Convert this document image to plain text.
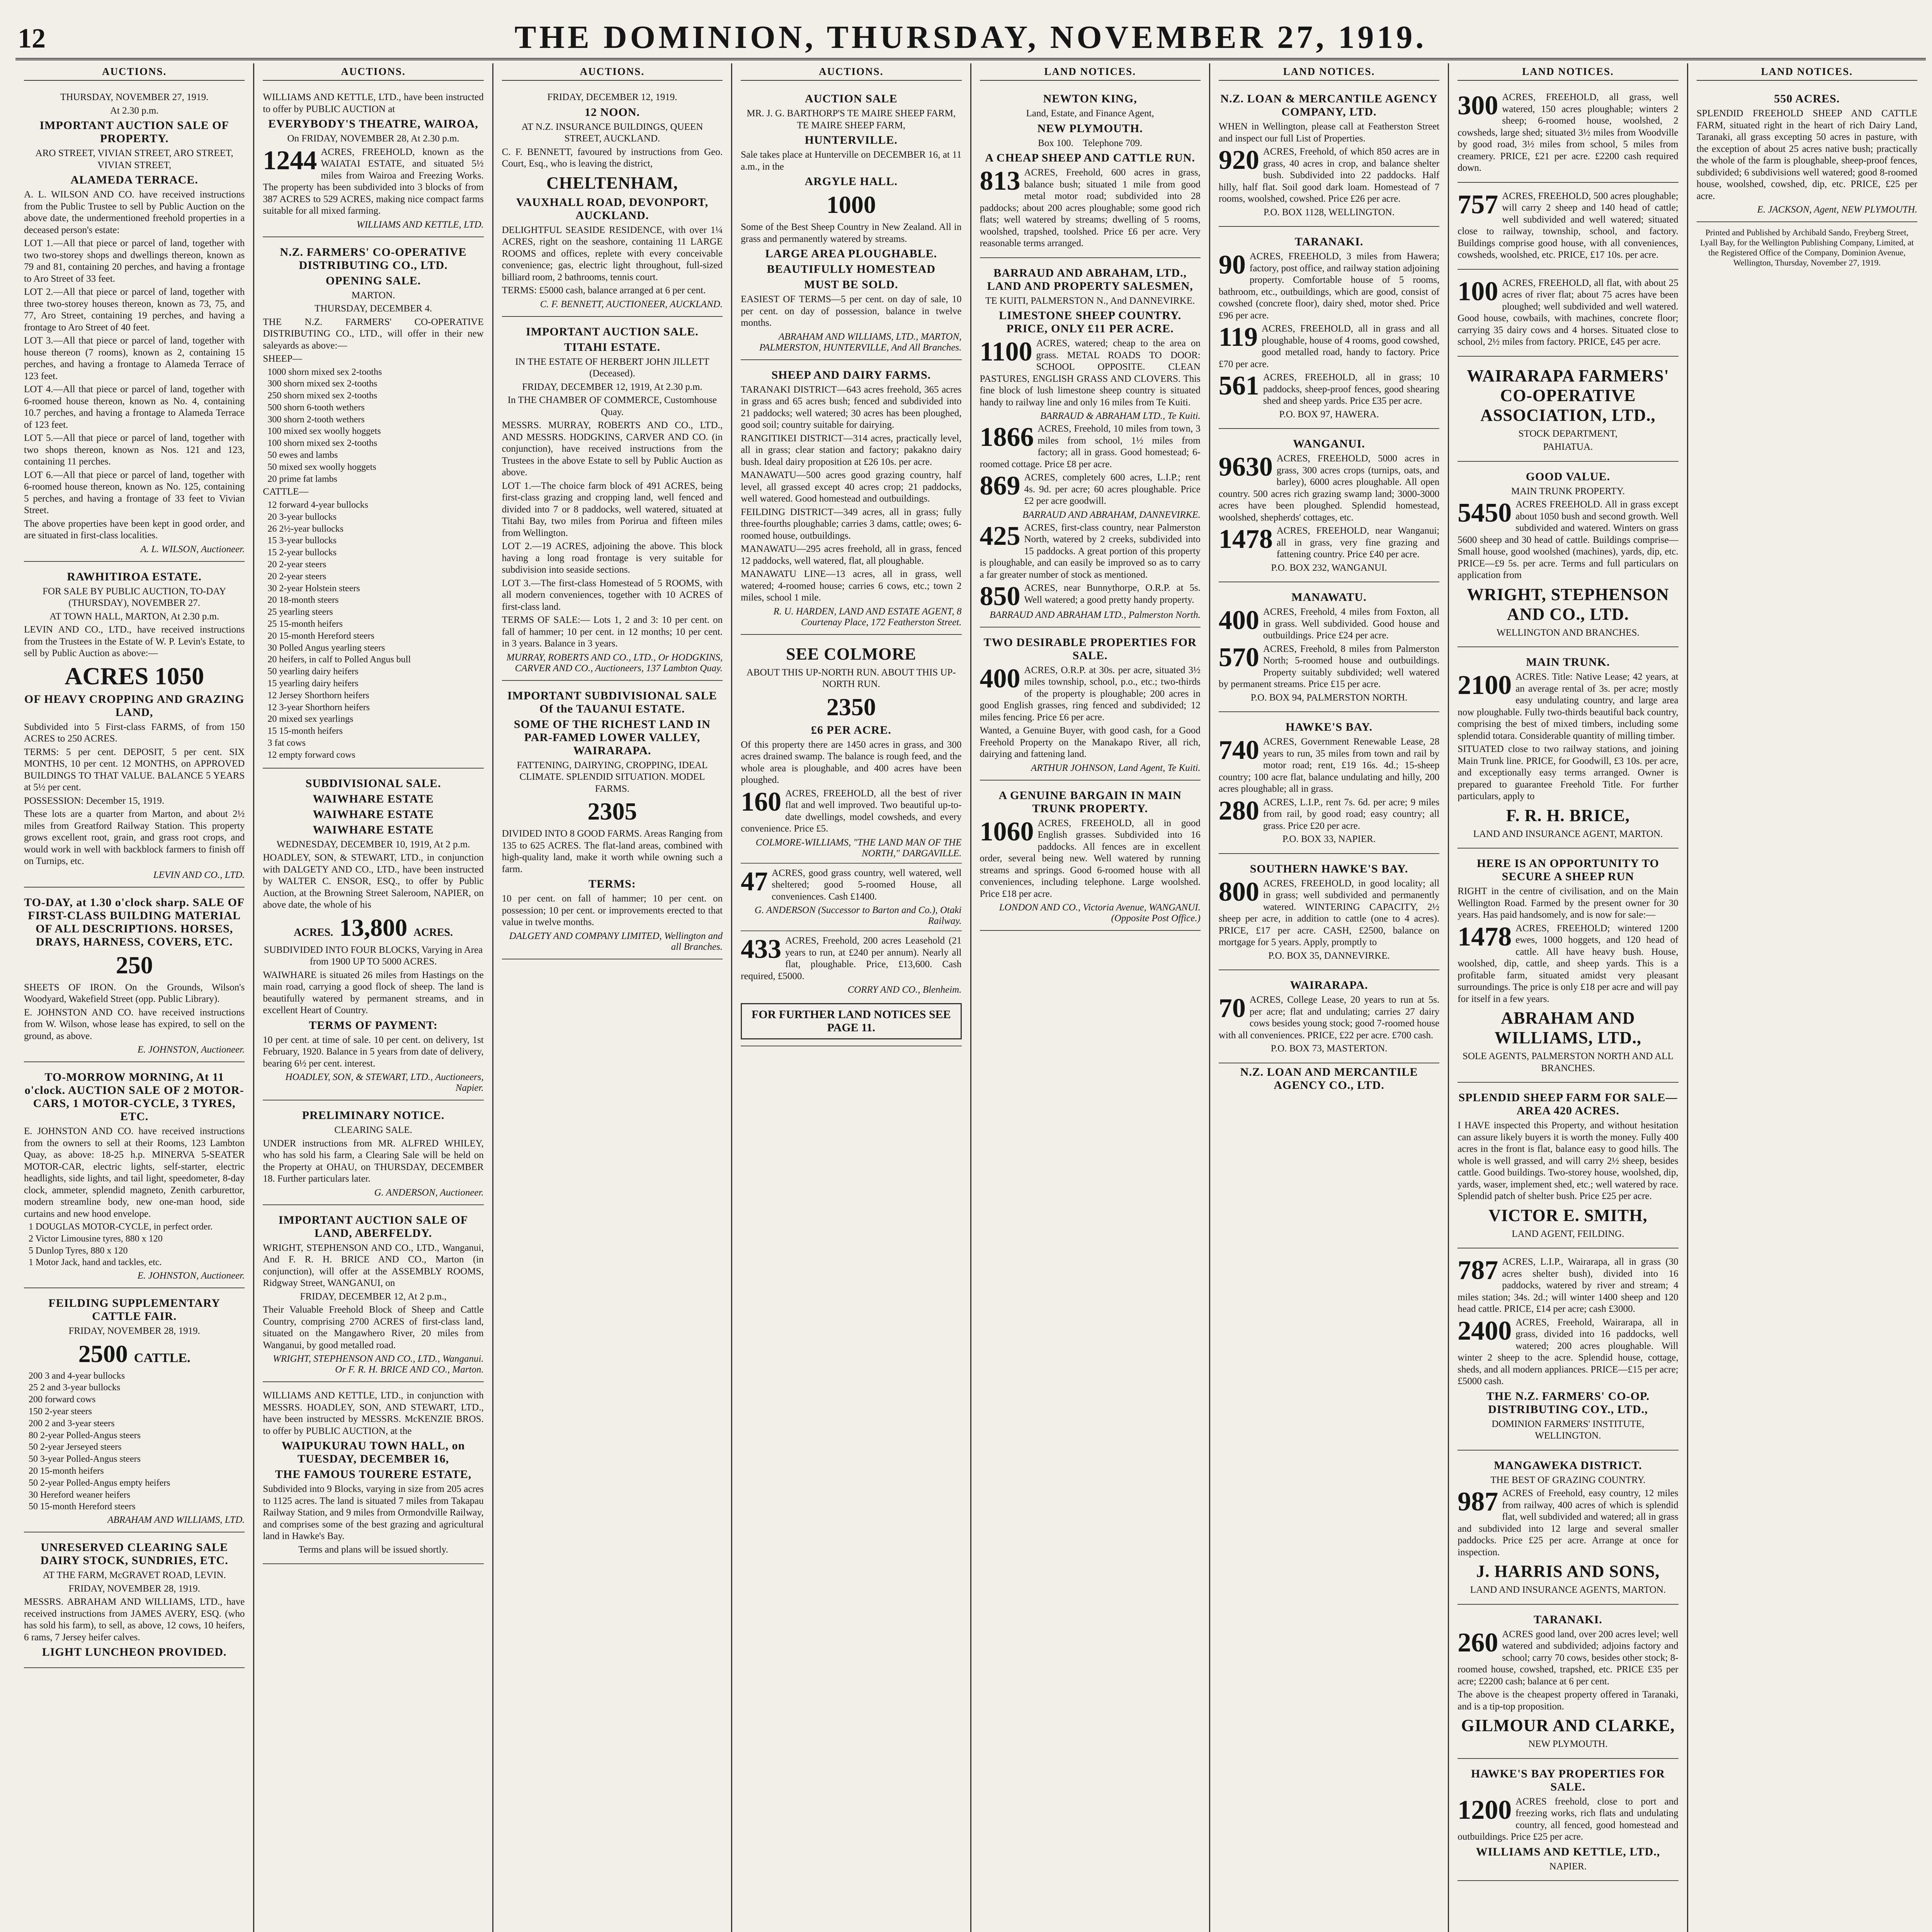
12	THE DOMINION, THURSDAY, NOVEMBER 27, 1919.
AUCTIONS.

THURSDAY, NOVEMBER 27, 1919.

At 2.30 p.m.

IMPORTANT AUCTION SALE OF PROPERTY.

ARO STREET, VIVIAN STREET, ARO STREET, VIVIAN STREET,

ALAMEDA TERRACE.

A. L. WILSON AND CO. have received instructions from the Public Trustee to sell by Public Auction on the above date, the undermentioned freehold properties in a deceased person's estate:

LOT 1.—All that piece or parcel of land, together with two two-storey shops and dwellings thereon, known as 79 and 81, containing 20 perches, and having a frontage to Aro Street of 33 feet.

LOT 2.—All that piece or parcel of land, together with three two-storey houses thereon, known as 73, 75, and 77, Aro Street, containing 19 perches, and having a frontage to Aro Street of 40 feet.

LOT 3.—All that piece or parcel of land, together with house thereon (7 rooms), known as 2, containing 15 perches, and having a frontage to Alameda Terrace of 123 feet.

LOT 4.—All that piece or parcel of land, together with 6-roomed house thereon, known as No. 4, containing 10.7 perches, and having a frontage to Alameda Terrace of 123 feet.

LOT 5.—All that piece or parcel of land, together with two shops thereon, known as Nos. 121 and 123, containing 11 perches.

LOT 6.—All that piece or parcel of land, together with 6-roomed house thereon, known as No. 125, containing 5 perches, and having a frontage of 33 feet to Vivian Street.

The above properties have been kept in good order, and are situated in first-class localities.

A. L. WILSON, Auctioneer.
RAWHITIROA ESTATE.

FOR SALE BY PUBLIC AUCTION, TO-DAY (THURSDAY), NOVEMBER 27.

AT TOWN HALL, MARTON, At 2.30 p.m.

LEVIN AND CO., LTD., have received instructions from the Trustees in the Estate of W. P. Levin's Estate, to sell by Public Auction as above:—

ACRES 1050
OF HEAVY CROPPING AND GRAZING LAND,

Subdivided into 5 First-class FARMS, of from 150 ACRES to 250 ACRES.

TERMS: 5 per cent. DEPOSIT, 5 per cent. SIX MONTHS, 10 per cent. 12 MONTHS, on APPROVED BUILDINGS TO THAT VALUE. BALANCE 5 YEARS at 5½ per cent.

POSSESSION: December 15, 1919.

These lots are a quarter from Marton, and about 2½ miles from Greatford Railway Station. This property grows excellent root, grain, and grass root crops, and would work in well with backblock farmers to finish off on Turnips, etc.

LEVIN AND CO., LTD.
TO-DAY, at 1.30 o'clock sharp. SALE OF FIRST-CLASS BUILDING MATERIAL OF ALL DESCRIPTIONS. HORSES, DRAYS, HARNESS, COVERS, ETC.
250

SHEETS OF IRON. On the Grounds, Wilson's Woodyard, Wakefield Street (opp. Public Library).

E. JOHNSTON AND CO. have received instructions from W. Wilson, whose lease has expired, to sell on the ground, as above.

E. JOHNSTON, Auctioneer.
TO-MORROW MORNING, At 11 o'clock. AUCTION SALE OF 2 MOTOR-CARS, 1 MOTOR-CYCLE, 3 TYRES, ETC.

E. JOHNSTON AND CO. have received instructions from the owners to sell at their Rooms, 123 Lambton Quay, as above: 18-25 h.p. MINERVA 5-SEATER MOTOR-CAR, electric lights, self-starter, electric headlights, side lights, and tail light, speedometer, 8-day clock, ammeter, splendid magneto, Zenith carburettor, modern streamline body, new one-man hood, side curtains and new hood envelope.

1 DOUGLAS MOTOR-CYCLE, in perfect order.
2 Victor Limousine tyres, 880 x 120
5 Dunlop Tyres, 880 x 120
1 Motor Jack, hand and tackles, etc.
E. JOHNSTON, Auctioneer.
FEILDING SUPPLEMENTARY CATTLE FAIR.

FRIDAY, NOVEMBER 28, 1919.

2500 CATTLE.
200 3 and 4-year bullocks
25 2 and 3-year bullocks
200 forward cows
150 2-year steers
200 2 and 3-year steers
80 2-year Polled-Angus steers
50 2-year Jerseyed steers
50 3-year Polled-Angus steers
20 15-month heifers
50 2-year Polled-Angus empty heifers
30 Hereford weaner heifers
50 15-month Hereford steers
ABRAHAM AND WILLIAMS, LTD.
UNRESERVED CLEARING SALE DAIRY STOCK, SUNDRIES, ETC.

AT THE FARM, McGRAVET ROAD, LEVIN.

FRIDAY, NOVEMBER 28, 1919.

MESSRS. ABRAHAM AND WILLIAMS, LTD., have received instructions from JAMES AVERY, ESQ. (who has sold his farm), to sell, as above, 12 cows, 10 heifers, 6 rams, 7 Jersey heifer calves.

LIGHT LUNCHEON PROVIDED.
AUCTIONS.

WILLIAMS AND KETTLE, LTD., have been instructed to offer by PUBLIC AUCTION at

EVERYBODY'S THEATRE, WAIROA,

On FRIDAY, NOVEMBER 28, At 2.30 p.m.

1244 ACRES, FREEHOLD, known as the WAIATAI ESTATE, and situated 5½ miles from Wairoa and Freezing Works. The property has been subdivided into 3 blocks of from 387 ACRES to 529 ACRES, making nice compact farms suitable for all mixed farming.

WILLIAMS AND KETTLE, LTD.
N.Z. FARMERS' CO-OPERATIVE DISTRIBUTING CO., LTD.
OPENING SALE.

MARTON.

THURSDAY, DECEMBER 4.

THE N.Z. FARMERS' CO-OPERATIVE DISTRIBUTING CO., LTD., will offer in their new saleyards as above:—

SHEEP—

1000 shorn mixed sex 2-tooths
300 shorn mixed sex 2-tooths
250 shorn mixed sex 2-tooths
500 shorn 6-tooth wethers
300 shorn 2-tooth wethers
100 mixed sex woolly hoggets
100 shorn mixed sex 2-tooths
50 ewes and lambs
50 mixed sex woolly hoggets
20 prime fat lambs

CATTLE—

12 forward 4-year bullocks
20 3-year bullocks
26 2½-year bullocks
15 3-year bullocks
15 2-year bullocks
20 2-year steers
20 2-year steers
30 2-year Holstein steers
20 18-month steers
25 yearling steers
25 15-month heifers
20 15-month Hereford steers
30 Polled Angus yearling steers
20 heifers, in calf to Polled Angus bull
50 yearling dairy heifers
15 yearling dairy heifers
12 Jersey Shorthorn heifers
12 3-year Shorthorn heifers
20 mixed sex yearlings
15 15-month heifers
3 fat cows
12 empty forward cows
SUBDIVISIONAL SALE.
WAIWHARE ESTATE
WAIWHARE ESTATE
WAIWHARE ESTATE

WEDNESDAY, DECEMBER 10, 1919, At 2 p.m.

HOADLEY, SON, & STEWART, LTD., in conjunction with DALGETY AND CO., LTD., have been instructed by WALTER C. ENSOR, ESQ., to offer by Public Auction, at the Browning Street Saleroom, NAPIER, on above date, the whole of his

ACRES. 13,800 ACRES.

SUBDIVIDED INTO FOUR BLOCKS, Varying in Area from 1900 UP TO 5000 ACRES.

WAIWHARE is situated 26 miles from Hastings on the main road, carrying a good flock of sheep. The land is beautifully watered by permanent streams, and in excellent Heart of Country.

TERMS OF PAYMENT:

10 per cent. at time of sale. 10 per cent. on delivery, 1st February, 1920. Balance in 5 years from date of delivery, bearing 6½ per cent. interest.

HOADLEY, SON, & STEWART, LTD., Auctioneers, Napier.
PRELIMINARY NOTICE.

CLEARING SALE.

UNDER instructions from MR. ALFRED WHILEY, who has sold his farm, a Clearing Sale will be held on the Property at OHAU, on THURSDAY, DECEMBER 18. Further particulars later.

G. ANDERSON, Auctioneer.
IMPORTANT AUCTION SALE OF LAND, ABERFELDY.

WRIGHT, STEPHENSON AND CO., LTD., Wanganui, And F. R. H. BRICE AND CO., Marton (in conjunction), will offer at the ASSEMBLY ROOMS, Ridgway Street, WANGANUI, on

FRIDAY, DECEMBER 12, At 2 p.m.,

Their Valuable Freehold Block of Sheep and Cattle Country, comprising 2700 ACRES of first-class land, situated on the Mangawhero River, 20 miles from Wanganui, by good metalled road.

WRIGHT, STEPHENSON AND CO., LTD., Wanganui. Or F. R. H. BRICE AND CO., Marton.

WILLIAMS AND KETTLE, LTD., in conjunction with MESSRS. HOADLEY, SON, AND STEWART, LTD., have been instructed by MESSRS. McKENZIE BROS. to offer by PUBLIC AUCTION, at the

WAIPUKURAU TOWN HALL, on TUESDAY, DECEMBER 16,
THE FAMOUS TOURERE ESTATE,

Subdivided into 9 Blocks, varying in size from 205 acres to 1125 acres. The land is situated 7 miles from Takapau Railway Station, and 9 miles from Ormondville Railway, and comprises some of the best grazing and agricultural land in Hawke's Bay.

Terms and plans will be issued shortly.

AUCTIONS.

FRIDAY, DECEMBER 12, 1919.

12 NOON.

AT N.Z. INSURANCE BUILDINGS, QUEEN STREET, AUCKLAND.

C. F. BENNETT, favoured by instructions from Geo. Court, Esq., who is leaving the district,

CHELTENHAM,
VAUXHALL ROAD, DEVONPORT, AUCKLAND.

DELIGHTFUL SEASIDE RESIDENCE, with over 1¼ ACRES, right on the seashore, containing 11 LARGE ROOMS and offices, replete with every conceivable convenience; gas, electric light throughout, full-sized billiard room, 2 bathrooms, tennis court.

TERMS: £5000 cash, balance arranged at 6 per cent.

C. F. BENNETT, AUCTIONEER, AUCKLAND.
IMPORTANT AUCTION SALE.
TITAHI ESTATE.

IN THE ESTATE OF HERBERT JOHN JILLETT (Deceased).

FRIDAY, DECEMBER 12, 1919, At 2.30 p.m.

In THE CHAMBER OF COMMERCE, Customhouse Quay.

MESSRS. MURRAY, ROBERTS AND CO., LTD., AND MESSRS. HODGKINS, CARVER AND CO. (in conjunction), have received instructions from the Trustees in the above Estate to sell by Public Auction as above.

LOT 1.—The choice farm block of 491 ACRES, being first-class grazing and cropping land, well fenced and divided into 7 or 8 paddocks, well watered, situated at Titahi Bay, two miles from Porirua and fifteen miles from Wellington.

LOT 2.—19 ACRES, adjoining the above. This block having a long road frontage is very suitable for subdivision into seaside sections.

LOT 3.—The first-class Homestead of 5 ROOMS, with all modern conveniences, together with 10 ACRES of first-class land.

TERMS OF SALE:— Lots 1, 2 and 3: 10 per cent. on fall of hammer; 10 per cent. in 12 months; 10 per cent. in 3 years. Balance in 3 years.

MURRAY, ROBERTS AND CO., LTD., Or HODGKINS, CARVER AND CO., Auctioneers, 137 Lambton Quay.
IMPORTANT SUBDIVISIONAL SALE Of the TAUANUI ESTATE.
SOME OF THE RICHEST LAND IN PAR-FAMED LOWER VALLEY, WAIRARAPA.

FATTENING, DAIRYING, CROPPING, IDEAL CLIMATE. SPLENDID SITUATION. MODEL FARMS.

2305

DIVIDED INTO 8 GOOD FARMS. Areas Ranging from 135 to 625 ACRES. The flat-land areas, combined with high-quality land, make it worth while owning such a farm.

TERMS:

10 per cent. on fall of hammer; 10 per cent. on possession; 10 per cent. or improvements erected to that value in twelve months.

DALGETY AND COMPANY LIMITED, Wellington and all Branches.
AUCTIONS.
AUCTION SALE

MR. J. G. BARTHORP'S TE MAIRE SHEEP FARM, TE MAIRE SHEEP FARM,

HUNTERVILLE.

Sale takes place at Hunterville on DECEMBER 16, at 11 a.m., in the

ARGYLE HALL.
1000

Some of the Best Sheep Country in New Zealand. All in grass and permanently watered by streams.

LARGE AREA PLOUGHABLE.
BEAUTIFULLY HOMESTEAD
MUST BE SOLD.

EASIEST OF TERMS—5 per cent. on day of sale, 10 per cent. on day of possession, balance in twelve months.

ABRAHAM AND WILLIAMS, LTD., MARTON, PALMERSTON, HUNTERVILLE, And All Branches.
SHEEP AND DAIRY FARMS.

TARANAKI DISTRICT—643 acres freehold, 365 acres in grass and 65 acres bush; fenced and subdivided into 21 paddocks; well watered; 30 acres has been ploughed, good soil; country suitable for dairying.

RANGITIKEI DISTRICT—314 acres, practically level, all in grass; clear station and factory; pakakno dairy bush. Ideal dairy proposition at £26 10s. per acre.

MANAWATU—500 acres good grazing country, half level, all grassed except 40 acres crop; 21 paddocks, well watered. Good homestead and outbuildings.

FEILDING DISTRICT—349 acres, all in grass; fully three-fourths ploughable; carries 3 dams, cattle; owes; 6-roomed house, outbuildings.

MANAWATU—295 acres freehold, all in grass, fenced 12 paddocks, well watered, flat, all ploughable.

MANAWATU LINE—13 acres, all in grass, well watered; 4-roomed house; carries 6 cows, etc.; town 2 miles, school 1 mile.

R. U. HARDEN, LAND AND ESTATE AGENT, 8 Courtenay Place, 172 Featherston Street.
SEE COLMORE

ABOUT THIS UP-NORTH RUN. ABOUT THIS UP-NORTH RUN.

2350
£6 PER ACRE.

Of this property there are 1450 acres in grass, and 300 acres drained swamp. The balance is rough feed, and the whole area is ploughable, and 400 acres have been ploughed.

160 ACRES, FREEHOLD, all the best of river flat and well improved. Two beautiful up-to-date dwellings, model cowsheds, and every convenience. Price £5.

COLMORE-WILLIAMS, "THE LAND MAN OF THE NORTH," DARGAVILLE.

47 ACRES, good grass country, well watered, well sheltered; good 5-roomed House, all conveniences. Cash £1400.

G. ANDERSON (Successor to Barton and Co.), Otaki Railway.

433 ACRES, Freehold, 200 acres Leasehold (21 years to run, at £240 per annum). Nearly all flat, ploughable. Price, £13,600. Cash required, £5000.

CORRY AND CO., Blenheim.
FOR FURTHER LAND NOTICES SEE PAGE 11.
LAND NOTICES.
NEWTON KING,

Land, Estate, and Finance Agent,

NEW PLYMOUTH.

Box 100. Telephone 709.

A CHEAP SHEEP AND CATTLE RUN.

813 ACRES, Freehold, 600 acres in grass, balance bush; situated 1 mile from good metal motor road; subdivided into 28 paddocks; about 200 acres ploughable; some good rich flats; well watered by streams; dwelling of 5 rooms, woolshed, trapshed, toolshed. Price £6 per acre. Very reasonable terms arranged.

BARRAUD AND ABRAHAM, LTD., LAND AND PROPERTY SALESMEN,

TE KUITI, PALMERSTON N., And DANNEVIRKE.

LIMESTONE SHEEP COUNTRY. PRICE, ONLY £11 PER ACRE.

1100 ACRES, watered; cheap to the area on grass. METAL ROADS TO DOOR: SCHOOL OPPOSITE. CLEAN PASTURES, ENGLISH GRASS AND CLOVERS. This fine block of lush limestone sheep country is situated handy to railway line and only 16 miles from Te Kuiti.

BARRAUD & ABRAHAM LTD., Te Kuiti.

1866 ACRES, Freehold, 10 miles from town, 3 miles from school, 1½ miles from factory; all in grass. Good homestead; 6-roomed cottage. Price £8 per acre.

869 ACRES, completely 600 acres, L.I.P.; rent 4s. 9d. per acre; 60 acres ploughable. Price £2 per acre goodwill.

BARRAUD AND ABRAHAM, DANNEVIRKE.

425 ACRES, first-class country, near Palmerston North, watered by 2 creeks, subdivided into 15 paddocks. A great portion of this property is ploughable, and can easily be improved so as to carry a far greater number of stock as mentioned.

850 ACRES, near Bunnythorpe, O.R.P. at 5s. Well watered; a good pretty handy property.

BARRAUD AND ABRAHAM LTD., Palmerston North.
TWO DESIRABLE PROPERTIES FOR SALE.

400 ACRES, O.R.P. at 30s. per acre, situated 3½ miles township, school, p.o., etc.; two-thirds of the property is ploughable; 200 acres in good English grasses, ring fenced and subdivided; 12 miles fencing. Price £6 per acre.

Wanted, a Genuine Buyer, with good cash, for a Good Freehold Property on the Manakapo River, all rich, dairying and fattening land.

ARTHUR JOHNSON, Land Agent, Te Kuiti.
A GENUINE BARGAIN IN MAIN TRUNK PROPERTY.

1060 ACRES, FREEHOLD, all in good English grasses. Subdivided into 16 paddocks. All fences are in excellent order, several being new. Well watered by running streams and springs. Good 6-roomed house with all conveniences, including telephone. Large woolshed. Price £18 per acre.

LONDON AND CO., Victoria Avenue, WANGANUI. (Opposite Post Office.)
LAND NOTICES.
N.Z. LOAN & MERCANTILE AGENCY COMPANY, LTD.

WHEN in Wellington, please call at Featherston Street and inspect our full List of Properties.

920 ACRES, Freehold, of which 850 acres are in grass, 40 acres in crop, and balance shelter bush. Subdivided into 22 paddocks. Half hilly, half flat. Soil good dark loam. Homestead of 7 rooms, woolshed, cowshed. Price £26 per acre.

P.O. BOX 1128, WELLINGTON.

TARANAKI.

90 ACRES, FREEHOLD, 3 miles from Hawera; factory, post office, and railway station adjoining property. Comfortable house of 5 rooms, bathroom, etc., outbuildings, which are good, consist of cowshed (concrete floor), dairy shed, motor shed. Price £96 per acre.

119 ACRES, FREEHOLD, all in grass and all ploughable, house of 4 rooms, good cowshed, good metalled road, handy to factory. Price £70 per acre.

561 ACRES, FREEHOLD, all in grass; 10 paddocks, sheep-proof fences, good shearing shed and sheep yards. Price £35 per acre.

P.O. BOX 97, HAWERA.

WANGANUI.

9630 ACRES, FREEHOLD, 5000 acres in grass, 300 acres crops (turnips, oats, and barley), 6000 acres ploughable. All open country. 500 acres rich grazing swamp land; 3000-3000 acres have been ploughed. Splendid homestead, woolshed, shepherds' cottages, etc.

1478 ACRES, FREEHOLD, near Wanganui; all in grass, very fine grazing and fattening country. Price £40 per acre.

P.O. BOX 232, WANGANUI.

MANAWATU.

400 ACRES, Freehold, 4 miles from Foxton, all in grass. Well subdivided. Good house and outbuildings. Price £24 per acre.

570 ACRES, Freehold, 8 miles from Palmerston North; 5-roomed house and outbuildings. Property suitably subdivided; well watered by permanent streams. Price £15 per acre.

P.O. BOX 94, PALMERSTON NORTH.

HAWKE'S BAY.

740 ACRES, Government Renewable Lease, 28 years to run, 35 miles from town and rail by motor road; rent, £19 16s. 4d.; 15-sheep country; 100 acre flat, balance undulating and hilly, 200 acres ploughable; all in grass.

280 ACRES, L.I.P., rent 7s. 6d. per acre; 9 miles from rail, by good road; easy country; all grass. Price £20 per acre.

P.O. BOX 33, NAPIER.

SOUTHERN HAWKE'S BAY.

800 ACRES, FREEHOLD, in good locality; all in grass; well subdivided and permanently watered. WINTERING CAPACITY, 2½ sheep per acre, in addition to cattle (one to 4 acres). PRICE, £17 per acre. CASH, £2500, balance on mortgage for 5 years. Apply, promptly to

P.O. BOX 35, DANNEVIRKE.

WAIRARAPA.

70 ACRES, College Lease, 20 years to run at 5s. per acre; flat and undulating; carries 27 dairy cows besides young stock; good 7-roomed house with all conveniences. PRICE, £22 per acre. £700 cash.

P.O. BOX 73, MASTERTON.

N.Z. LOAN AND MERCANTILE AGENCY CO., LTD.
LAND NOTICES.

300 ACRES, FREEHOLD, all grass, well watered, 150 acres ploughable; winters 2 sheep; 6-roomed house, woolshed, 2 cowsheds, large shed; situated 3½ miles from Woodville by good road, 3½ miles from school, 5 miles from creamery. PRICE, £21 per acre. £2200 cash required down.

757 ACRES, FREEHOLD, 500 acres ploughable; will carry 2 sheep and 140 head of cattle; well subdivided and well watered; situated close to railway, township, school, and factory. Buildings comprise good house, with all conveniences, cowsheds, woolshed, etc. PRICE, £17 10s. per acre.

100 ACRES, FREEHOLD, all flat, with about 25 acres of river flat; about 75 acres have been ploughed; well subdivided and well watered. Good house, cowbails, with machines, concrete floor; carrying 35 dairy cows and 4 horses. Situated close to school, 2½ miles from factory. PRICE, £45 per acre.

WAIRARAPA FARMERS' CO-OPERATIVE ASSOCIATION, LTD.,

STOCK DEPARTMENT,

PAHIATUA.

GOOD VALUE.

MAIN TRUNK PROPERTY.

5450 ACRES FREEHOLD. All in grass except about 1050 bush and second growth. Well subdivided and watered. Winters on grass 5600 sheep and 30 head of cattle. Buildings comprise—Small house, good woolshed (machines), yards, dip, etc. PRICE—£9 5s. per acre. Terms and full particulars on application from

WRIGHT, STEPHENSON AND CO., LTD.

WELLINGTON AND BRANCHES.

MAIN TRUNK.

2100 ACRES. Title: Native Lease; 42 years, at an average rental of 3s. per acre; mostly easy undulating country, and large area now ploughable. Fully two-thirds beautiful back country, comprising the best of mixed timbers, including some splendid totara. Considerable quantity of milling timber.

SITUATED close to two railway stations, and joining Main Trunk line. PRICE, for Goodwill, £3 10s. per acre, and exceptionally easy terms arranged. Owner is prepared to guarantee Freehold Title. For further particulars, apply to

F. R. H. BRICE,

LAND AND INSURANCE AGENT, MARTON.

HERE IS AN OPPORTUNITY TO SECURE A SHEEP RUN

RIGHT in the centre of civilisation, and on the Main Wellington Road. Farmed by the present owner for 30 years. Has paid handsomely, and is now for sale:—

1478 ACRES, FREEHOLD; wintered 1200 ewes, 1000 hoggets, and 120 head of cattle. All have heavy bush. House, woolshed, dip, cattle, and sheep yards. This is a profitable farm, situated amidst very pleasant surroundings. The price is only £18 per acre and will pay for itself in a few years.

ABRAHAM AND WILLIAMS, LTD.,

SOLE AGENTS, PALMERSTON NORTH AND ALL BRANCHES.

SPLENDID SHEEP FARM FOR SALE—AREA 420 ACRES.

I HAVE inspected this Property, and without hesitation can assure likely buyers it is worth the money. Fully 400 acres in the front is flat, balance easy to good hills. The whole is well grassed, and will carry 2½ sheep, besides cattle. Good buildings. Two-storey house, woolshed, dip, yards, waser, implement shed, etc.; well watered by race. Splendid patch of shelter bush. Price £25 per acre.

VICTOR E. SMITH,

LAND AGENT, FEILDING.

787 ACRES, L.I.P., Wairarapa, all in grass (30 acres shelter bush), divided into 16 paddocks, watered by river and stream; 4 miles station; 34s. 2d.; will winter 1400 sheep and 120 head cattle. PRICE, £14 per acre; cash £3000.

2400 ACRES, Freehold, Wairarapa, all in grass, divided into 16 paddocks, well watered; 200 acres ploughable. Will winter 2 sheep to the acre. Splendid house, cottage, sheds, and all modern appliances. PRICE—£15 per acre; £5000 cash.

THE N.Z. FARMERS' CO-OP. DISTRIBUTING COY., LTD.,

DOMINION FARMERS' INSTITUTE, WELLINGTON.

MANGAWEKA DISTRICT.

THE BEST OF GRAZING COUNTRY.

987 ACRES of Freehold, easy country, 12 miles from railway, 400 acres of which is splendid flat, well subdivided and watered; all in grass and subdivided into 12 large and several smaller paddocks. Price £25 per acre. Arrange at once for inspection.

J. HARRIS AND SONS,

LAND AND INSURANCE AGENTS, MARTON.

TARANAKI.

260 ACRES good land, over 200 acres level; well watered and subdivided; adjoins factory and school; carry 70 cows, besides other stock; 8-roomed house, cowshed, trapshed, etc. PRICE £35 per acre; £2200 cash; balance at 6 per cent.

The above is the cheapest property offered in Taranaki, and is a tip-top proposition.

GILMOUR AND CLARKE,

NEW PLYMOUTH.

HAWKE'S BAY PROPERTIES FOR SALE.

1200 ACRES freehold, close to port and freezing works, rich flats and undulating country, all fenced, good homestead and outbuildings. Price £25 per acre.

WILLIAMS AND KETTLE, LTD.,

NAPIER.

LAND NOTICES.
550 ACRES.

SPLENDID FREEHOLD SHEEP AND CATTLE FARM, situated right in the heart of rich Dairy Land, Taranaki, all grass excepting 50 acres in pasture, with the exception of about 25 acres native bush; practically the whole of the farm is ploughable, sheep-proof fences, subdivided; 6 subdivisions well watered; good 8-roomed house, woolshed, cowshed, dip, etc. PRICE, £25 per acre.

E. JACKSON, Agent, NEW PLYMOUTH.
Printed and Published by Archibald Sando, Freyberg Street, Lyall Bay, for the Wellington Publishing Company, Limited, at the Registered Office of the Company, Dominion Avenue, Wellington, Thursday, November 27, 1919.
